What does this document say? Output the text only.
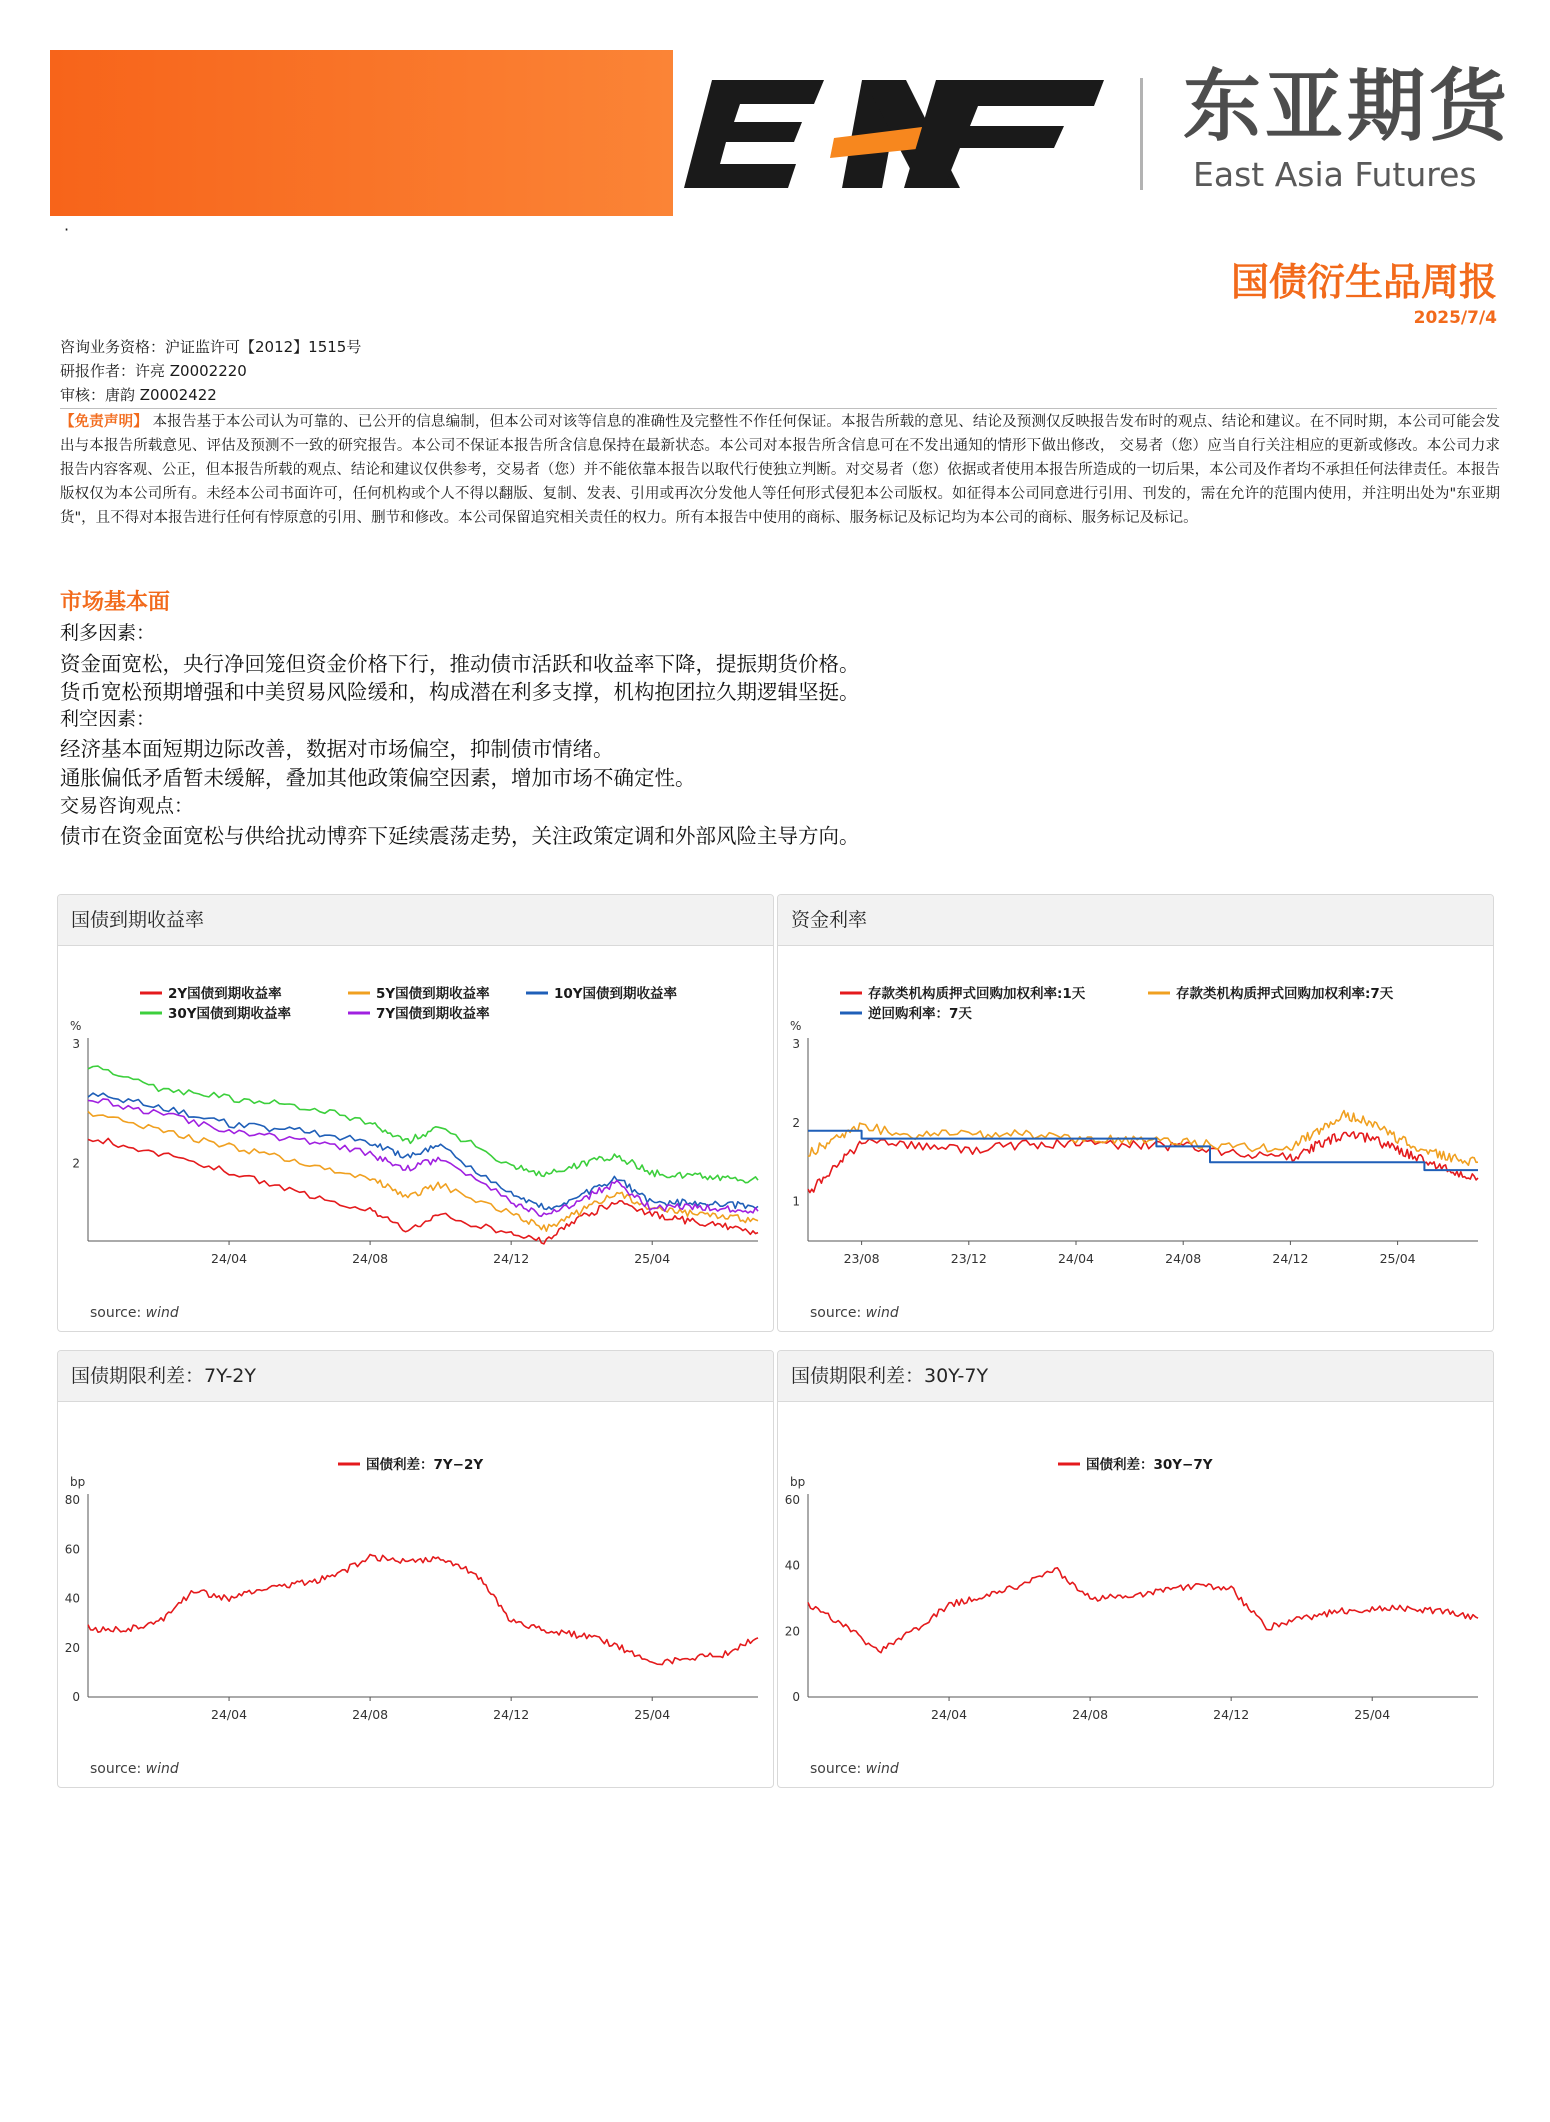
东亚期货
East Asia Futures
·
国债衍生品周报
2025/7/4
咨询业务资格：沪证监许可【2012】1515号
研报作者：许亮 Z0002220
审核：唐韵 Z0002422
【免责声明】 本报告基于本公司认为可靠的、已公开的信息编制，但本公司对该等信息的准确性及完整性不作任何保证。本报告所载的意见、结论及预测仅反映报告发布时的观点、结论和建议。在不同时期，本公司可能会发出与本报告所载意见、评估及预测不一致的研究报告。本公司不保证本报告所含信息保持在最新状态。本公司对本报告所含信息可在不发出通知的情形下做出修改， 交易者（您）应当自行关注相应的更新或修改。本公司力求报告内容客观、公正，但本报告所载的观点、结论和建议仅供参考，交易者（您）并不能依靠本报告以取代行使独立判断。对交易者（您）依据或者使用本报告所造成的一切后果，本公司及作者均不承担任何法律责任。本报告版权仅为本公司所有。未经本公司书面许可，任何机构或个人不得以翻版、复制、发表、引用或再次分发他人等任何形式侵犯本公司版权。如征得本公司同意进行引用、刊发的，需在允许的范围内使用，并注明出处为"东亚期货"，且不得对本报告进行任何有悖原意的引用、删节和修改。本公司保留追究相关责任的权力。所有本报告中使用的商标、服务标记及标记均为本公司的商标、服务标记及标记。
市场基本面
利多因素：
资金面宽松，央行净回笼但资金价格下行，推动债市活跃和收益率下降，提振期货价格。
货币宽松预期增强和中美贸易风险缓和，构成潜在利多支撑，机构抱团拉久期逻辑坚挺。
利空因素：
经济基本面短期边际改善，数据对市场偏空，抑制债市情绪。
通胀偏低矛盾暂未缓解，叠加其他政策偏空因素，增加市场不确定性。
交易咨询观点：
债市在资金面宽松与供给扰动博弈下延续震荡走势，关注政策定调和外部风险主导方向。
国债到期收益率
%
3
2
24/04	24/08	24/12	25/04
2Y国债到期收益率	5Y国债到期收益率	10Y国债到期收益率
30Y国债到期收益率	7Y国债到期收益率
source: wind
资金利率
%
3
2
1
23/08	23/12	24/04	24/08	24/12	25/04
存款类机构质押式回购加权利率:1天	存款类机构质押式回购加权利率:7天
逆回购利率：7天
source: wind
国债期限利差：7Y-2Y
bp
80
60
40
20
0
24/04	24/08	24/12	25/04
国债利差：7Y−2Y
source: wind
国债期限利差：30Y-7Y
bp
60
40
20
0
24/04	24/08	24/12	25/04
国债利差：30Y−7Y
source: wind
